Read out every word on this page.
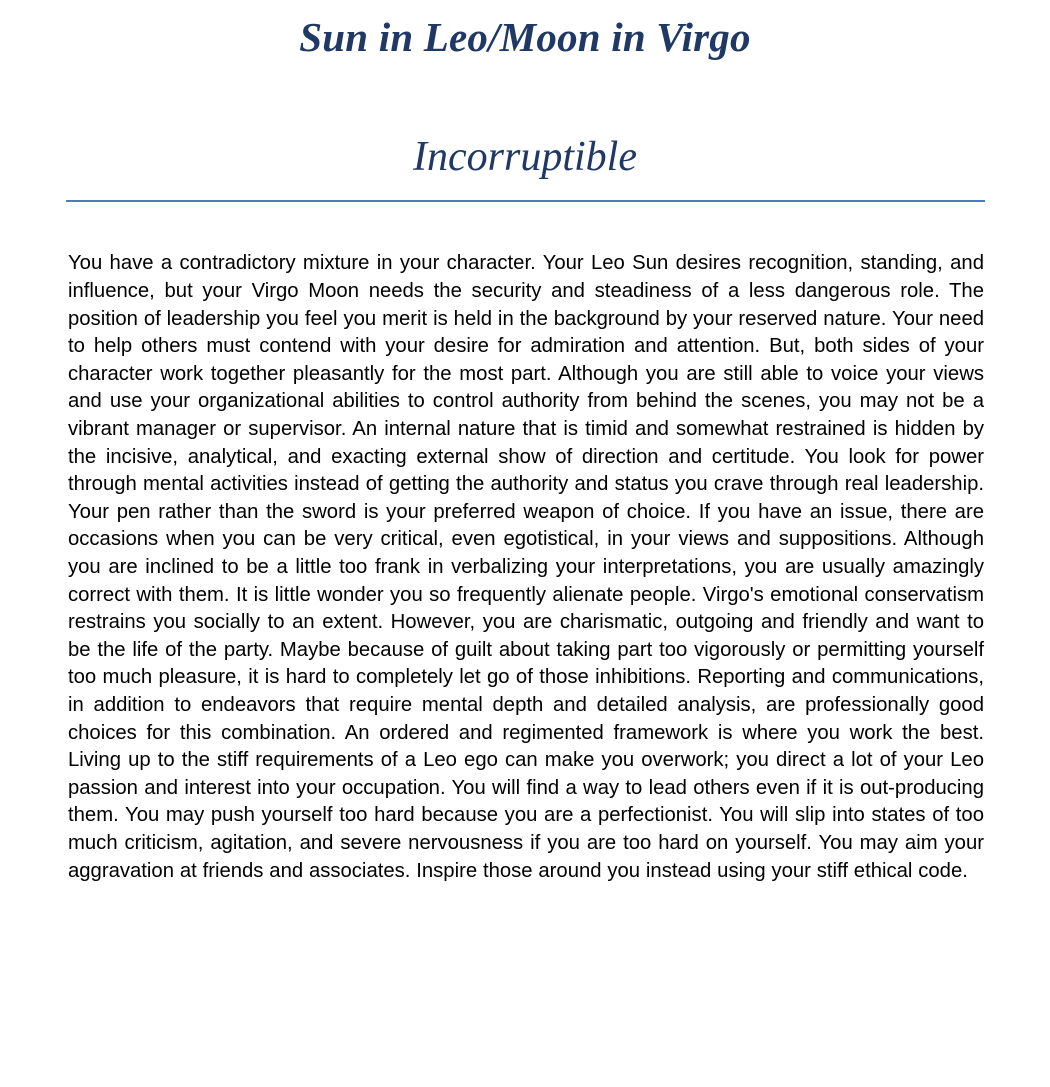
Sun in Leo/Moon in Virgo
Incorruptible

You have a contradictory mixture in your character. Your Leo Sun desires recognition, standing, and influence, but your Virgo Moon needs the security and steadiness of a less dangerous role. The position of leadership you feel you merit is held in the background by your reserved nature. Your need to help others must contend with your desire for admiration and attention. But, both sides of your character work together pleasantly for the most part. Although you are still able to voice your views and use your organizational abilities to control authority from behind the scenes, you may not be a vibrant manager or supervisor. An internal nature that is timid and somewhat restrained is hidden by the incisive, analytical, and exacting external show of direction and certitude. You look for power through mental activities instead of getting the authority and status you crave through real leadership. Your pen rather than the sword is your preferred weapon of choice. If you have an issue, there are occasions when you can be very critical, even egotistical, in your views and suppositions. Although you are inclined to be a little too frank in verbalizing your interpretations, you are usually amazingly correct with them. It is little wonder you so frequently alienate people. Virgo's emotional conservatism restrains you socially to an extent. However, you are charismatic, outgoing and friendly and want to be the life of the party. Maybe because of guilt about taking part too vigorously or permitting yourself too much pleasure, it is hard to completely let go of those inhibitions. Reporting and communications, in addition to endeavors that require mental depth and detailed analysis, are professionally good choices for this combination. An ordered and regimented framework is where you work the best. Living up to the stiff requirements of a Leo ego can make you overwork; you direct a lot of your Leo passion and interest into your occupation. You will find a way to lead others even if it is out-producing them. You may push yourself too hard because you are a perfectionist. You will slip into states of too much criticism, agitation, and severe nervousness if you are too hard on yourself. You may aim your aggravation at friends and associates. Inspire those around you instead using your stiff ethical code.
